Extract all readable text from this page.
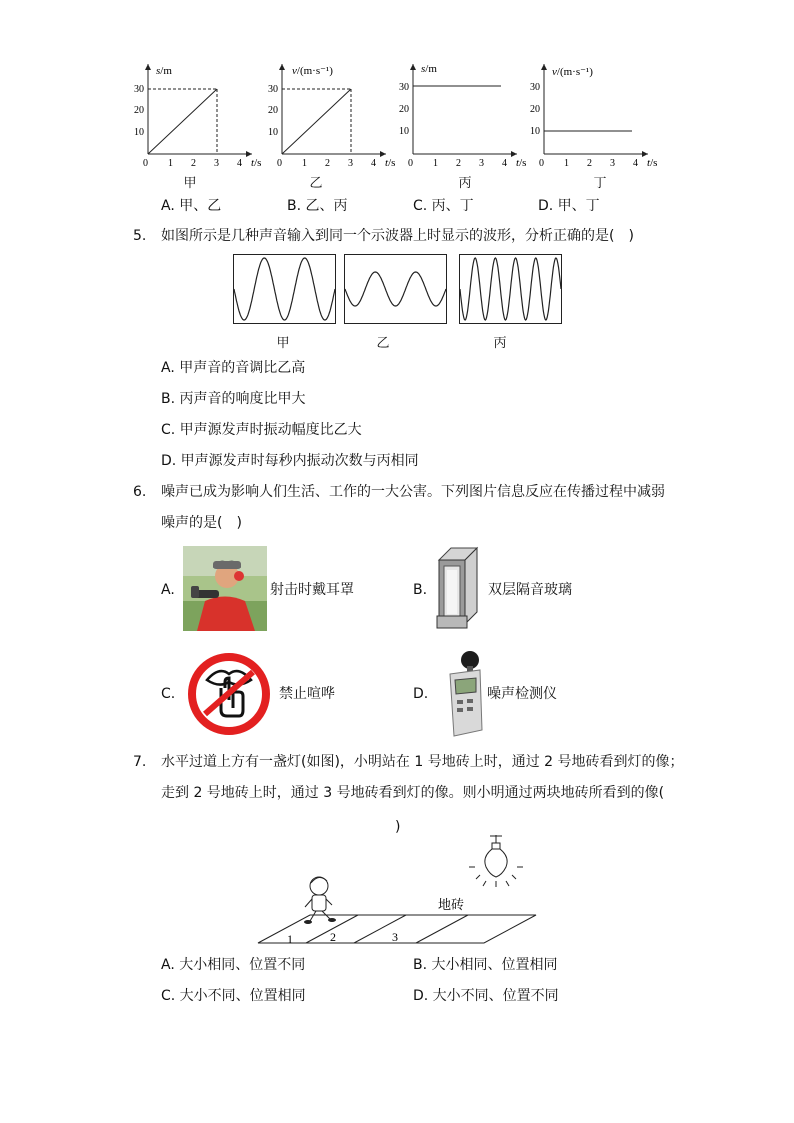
s/m
30
20
10
0 1 2 3 4 t/s
v/(m·s⁻¹)
30
20
10
0 1 2 3 4 t/s
s/m
30
20
10
0 1 2 3 4 t/s
v/(m·s⁻¹)
30
20
10
0 1 2 3 4 t/s
甲	乙	丙	丁
A. 甲、乙	B. 乙、丙	C. 丙、丁	D. 甲、丁
5. 如图所示是几种声音输入到同一个示波器上时显示的波形，分析正确的是(　)
甲	乙	丙
A. 甲声音的音调比乙高
B. 丙声音的响度比甲大
C. 甲声源发声时振动幅度比乙大
D. 甲声源发声时每秒内振动次数与丙相同
6. 噪声已成为影响人们生活、工作的一大公害。下列图片信息反应在传播过程中减弱
噪声的是(　)
A.	射击时戴耳罩	B.	双层隔音玻璃
C.	禁止喧哗	D.	噪声检测仪
7. 水平过道上方有一盏灯(如图)，小明站在 1 号地砖上时，通过 2 号地砖看到灯的像；
走到 2 号地砖上时，通过 3 号地砖看到灯的像。则小明通过两块地砖所看到的像(
)
地砖
1	2	3
A. 大小相同、位置不同	B. 大小相同、位置相同
C. 大小不同、位置相同	D. 大小不同、位置不同
